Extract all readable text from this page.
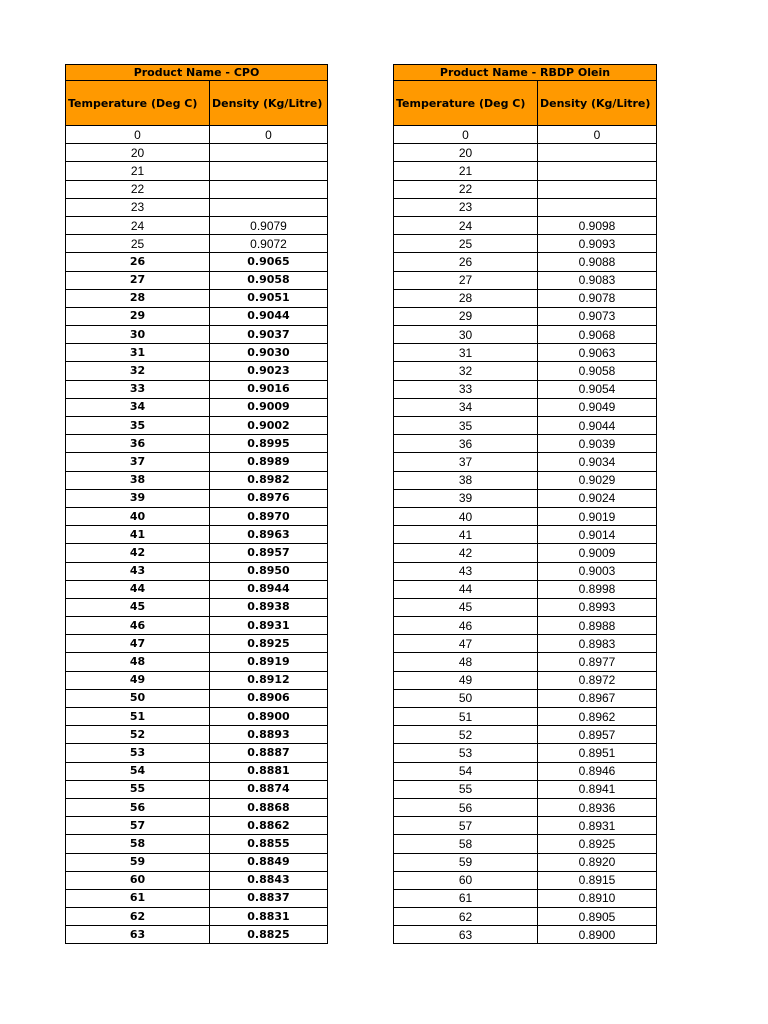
Product Name - CPO	
Temperature (Deg C)	Density (Kg/Litre)
0	0
20	
21	
22	
23	
24	0.9079
25	0.9072
26	0.9065
27	0.9058
28	0.9051
29	0.9044
30	0.9037
31	0.9030
32	0.9023
33	0.9016
34	0.9009
35	0.9002
36	0.8995
37	0.8989
38	0.8982
39	0.8976
40	0.8970
41	0.8963
42	0.8957
43	0.8950
44	0.8944
45	0.8938
46	0.8931
47	0.8925
48	0.8919
49	0.8912
50	0.8906
51	0.8900
52	0.8893
53	0.8887
54	0.8881
55	0.8874
56	0.8868
57	0.8862
58	0.8855
59	0.8849
60	0.8843
61	0.8837
62	0.8831
63	0.8825
Product Name - RBDP Olein	
Temperature (Deg C)	Density (Kg/Litre)
0	0
20	
21	
22	
23	
24	0.9098
25	0.9093
26	0.9088
27	0.9083
28	0.9078
29	0.9073
30	0.9068
31	0.9063
32	0.9058
33	0.9054
34	0.9049
35	0.9044
36	0.9039
37	0.9034
38	0.9029
39	0.9024
40	0.9019
41	0.9014
42	0.9009
43	0.9003
44	0.8998
45	0.8993
46	0.8988
47	0.8983
48	0.8977
49	0.8972
50	0.8967
51	0.8962
52	0.8957
53	0.8951
54	0.8946
55	0.8941
56	0.8936
57	0.8931
58	0.8925
59	0.8920
60	0.8915
61	0.8910
62	0.8905
63	0.8900
